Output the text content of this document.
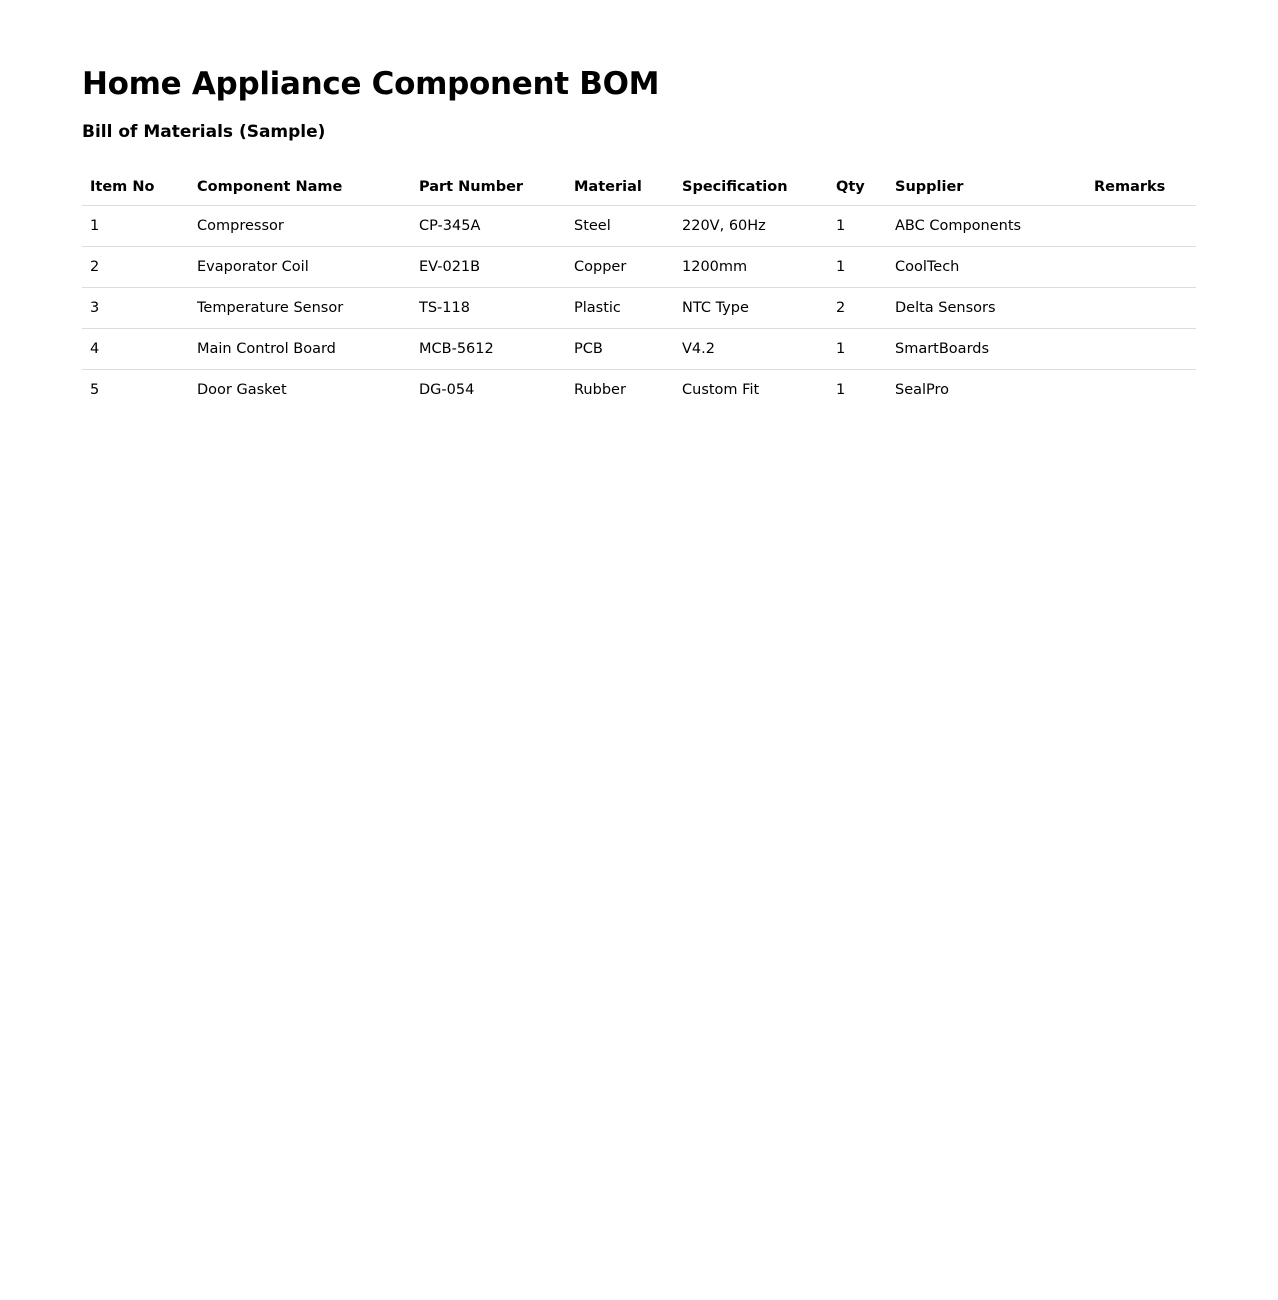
Home Appliance Component BOM
Bill of Materials (Sample)
Item No	Component Name	Part Number	Material	Specification	Qty	Supplier	Remarks
1	Compressor	CP-345A	Steel	220V, 60Hz	1	ABC Components	
2	Evaporator Coil	EV-021B	Copper	1200mm	1	CoolTech	
3	Temperature Sensor	TS-118	Plastic	NTC Type	2	Delta Sensors	
4	Main Control Board	MCB-5612	PCB	V4.2	1	SmartBoards	
5	Door Gasket	DG-054	Rubber	Custom Fit	1	SealPro	
